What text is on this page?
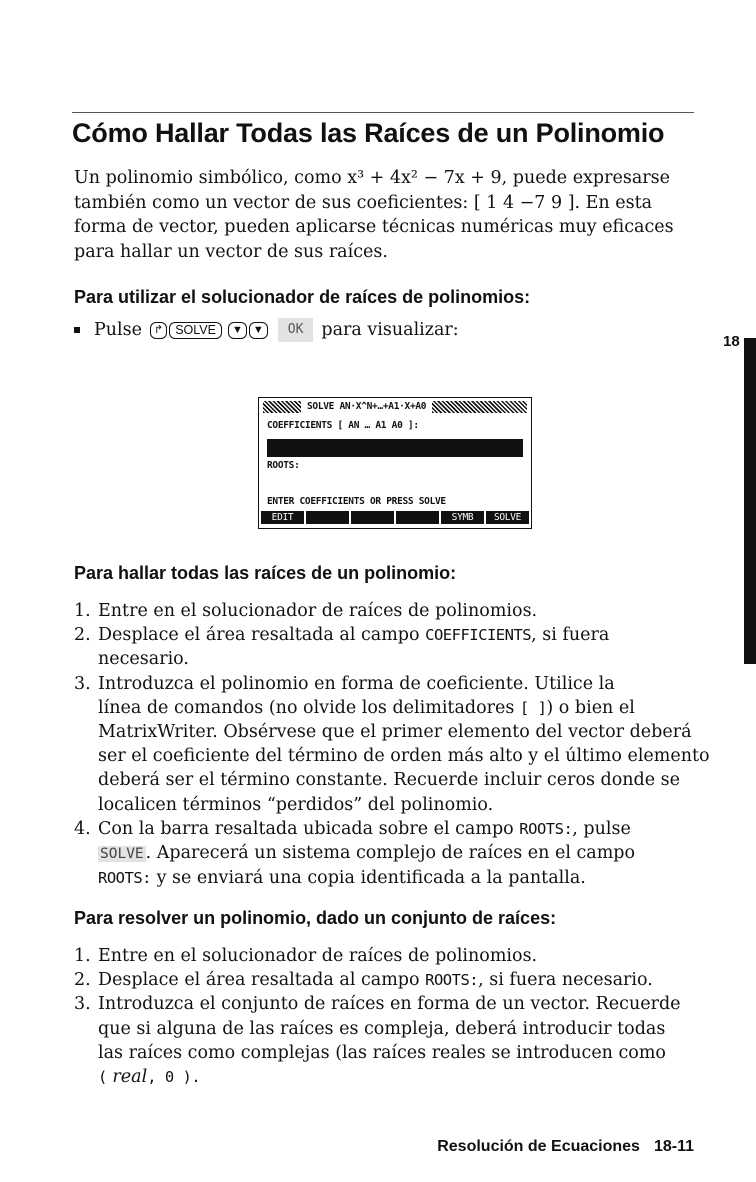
Cómo Hallar Todas las Raíces de un Polinomio

Un polinomio simbólico, como x³ + 4x² − 7x + 9, puede expresarse

también como un vector de sus coeficientes: [ 1 4 −7 9 ]. En esta

forma de vector, pueden aplicarse técnicas numéricas muy eficaces

para hallar un vector de sus raíces.

Para utilizar el solucionador de raíces de polinomios:
Pulse	↱ SOLVE	▼ ▼	OK	para visualizar:
SOLVE AN·X^N+…+A1·X+A0
COEFFICIENTS [ AN … A1 A0 ]:
ROOTS:
ENTER COEFFICIENTS OR PRESS SOLVE
EDIT	SYMB	SOLVE
18
Para hallar todas las raíces de un polinomio:
1. Entre en el solucionador de raíces de polinomios.
2. Desplace el área resaltada al campo COEFFICIENTS, si fuera
necesario.
3. Introduzca el polinomio en forma de coeficiente. Utilice la
línea de comandos (no olvide los delimitadores [ ]) o bien el
MatrixWriter. Obsérvese que el primer elemento del vector deberá
ser el coeficiente del término de orden más alto y el último elemento
deberá ser el término constante. Recuerde incluir ceros donde se
localicen términos “perdidos” del polinomio.
4. Con la barra resaltada ubicada sobre el campo ROOTS:, pulse
SOLVE . Aparecerá un sistema complejo de raíces en el campo
ROOTS: y se enviará una copia identificada a la pantalla.
Para resolver un polinomio, dado un conjunto de raíces:
1. Entre en el solucionador de raíces de polinomios.
2. Desplace el área resaltada al campo ROOTS:, si fuera necesario.
3. Introduzca el conjunto de raíces en forma de un vector. Recuerde
que si alguna de las raíces es compleja, deberá introducir todas
las raíces como complejas (las raíces reales se introducen como
( real, 0 ).
Resolución de Ecuaciones 18-11
